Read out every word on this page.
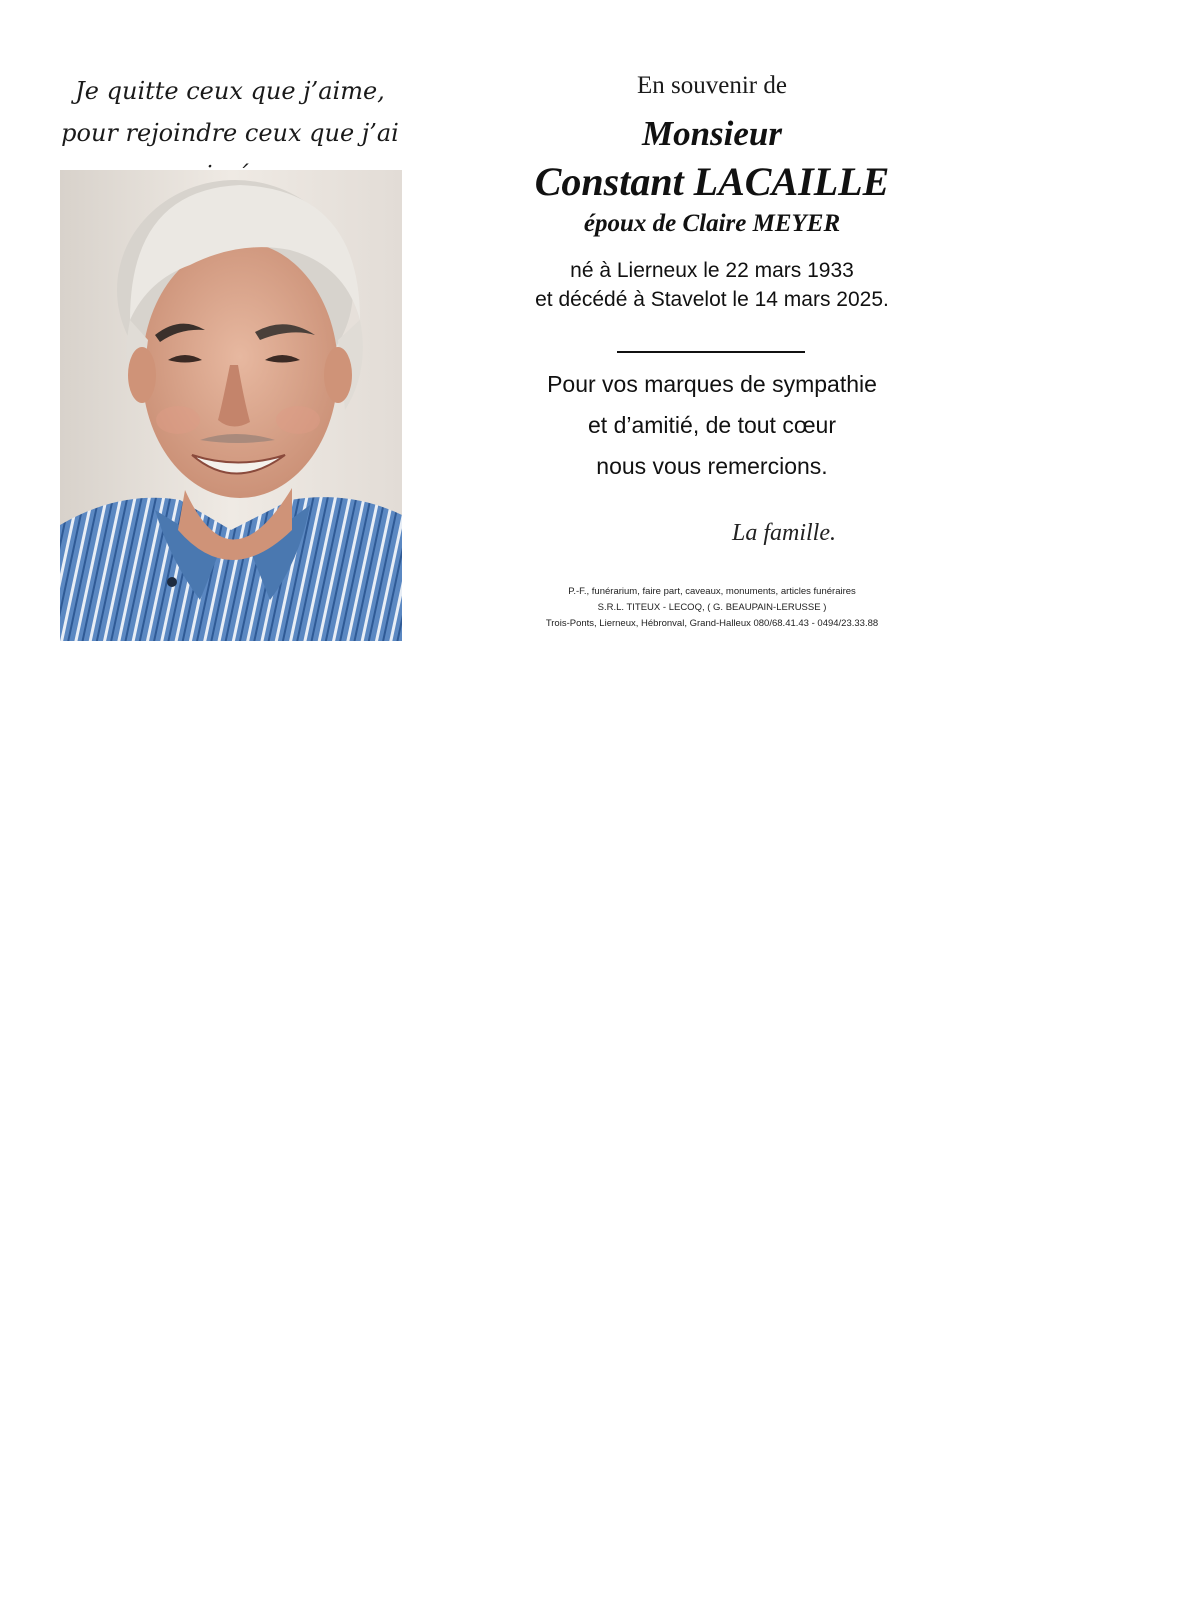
Je quitte ceux que j’aime,
pour rejoindre ceux que j’ai
En souvenir de
Monsieur
Constant LACAILLE
époux de Claire MEYER
né à Lierneux le 22 mars 1933
et décédé à Stavelot le 14 mars 2025.
Pour vos marques de sympathie
et d’amitié, de tout cœur
nous vous remercions.
La famille.
P.-F., funérarium, faire part, caveaux, monuments, articles funéraires
S.R.L. TITEUX - LECOQ, ( G. BEAUPAIN-LERUSSE )
Trois-Ponts, Lierneux, Hébronval, Grand-Halleux 080/68.41.43 - 0494/23.33.88
